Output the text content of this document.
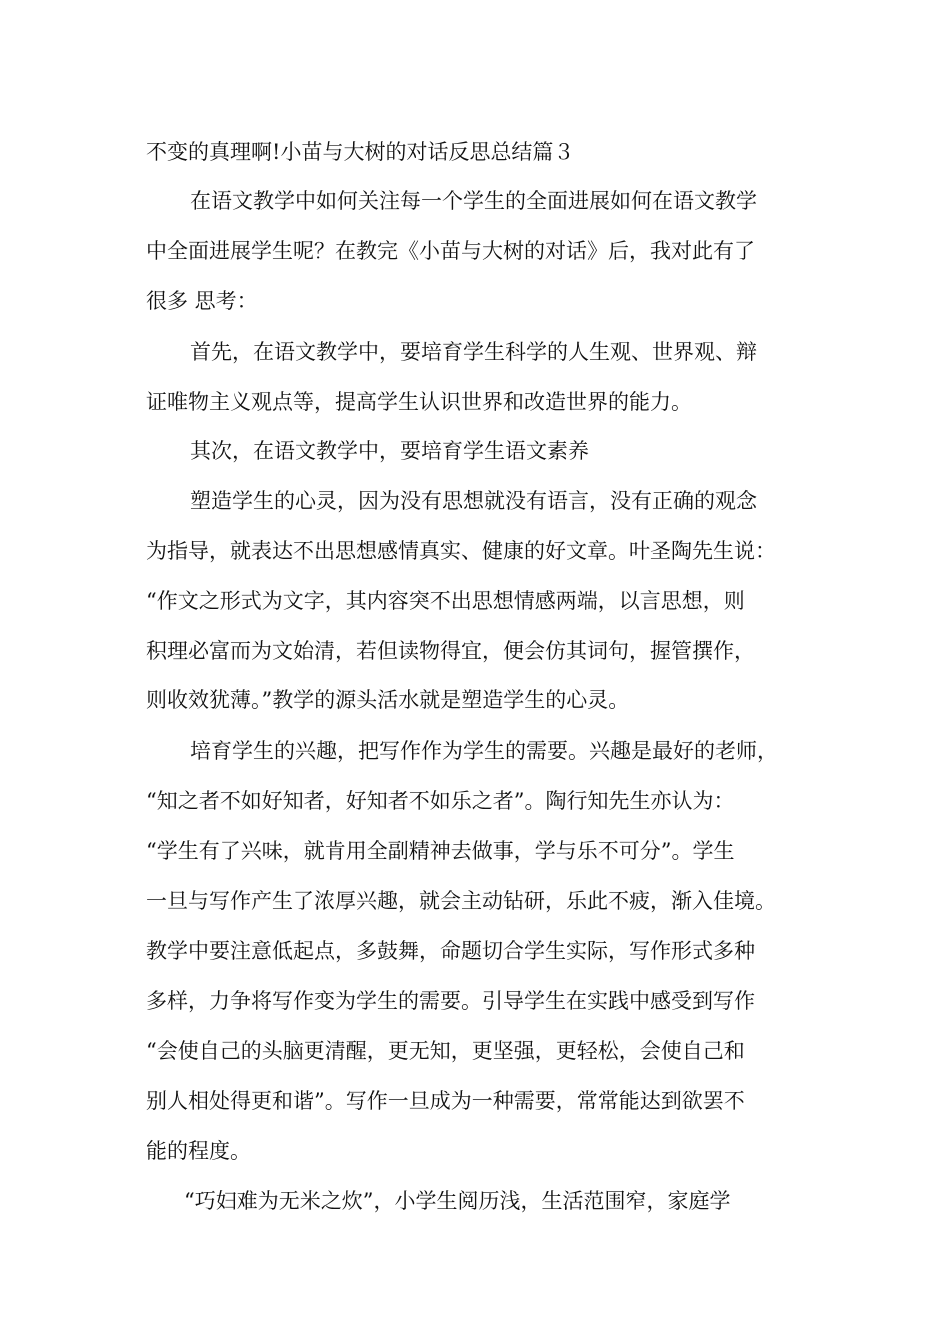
不变的真理啊!小苗与大树的对话反思总结篇３
在语文教学中如何关注每一个学生的全面进展如何在语文教学
中全面进展学生呢？在教完《小苗与大树的对话》后，我对此有了
很多 思考：
首先，在语文教学中，要培育学生科学的人生观、世界观、辩
证唯物主义观点等，提高学生认识世界和改造世界的能力。
其次，在语文教学中，要培育学生语文素养
塑造学生的心灵，因为没有思想就没有语言，没有正确的观念
为指导，就表达不出思想感情真实、健康的好文章。叶圣陶先生说：
“作文之形式为文字，其内容突不出思想情感两端，以言思想，则
积理必富而为文始清，若但读物得宜，便会仿其词句，握管撰作，
则收效犹薄。”教学的源头活水就是塑造学生的心灵。
培育学生的兴趣，把写作作为学生的需要。兴趣是最好的老师，
“知之者不如好知者，好知者不如乐之者”。陶行知先生亦认为：
“学生有了兴味，就肯用全副精神去做事，学与乐不可分”。学生
一旦与写作产生了浓厚兴趣，就会主动钻研，乐此不疲，渐入佳境。
教学中要注意低起点，多鼓舞，命题切合学生实际，写作形式多种
多样，力争将写作变为学生的需要。引导学生在实践中感受到写作
“会使自己的头脑更清醒，更无知，更坚强，更轻松，会使自己和
别人相处得更和谐”。写作一旦成为一种需要，常常能达到欲罢不
能的程度。
“巧妇难为无米之炊”，小学生阅历浅，生活范围窄，家庭学
